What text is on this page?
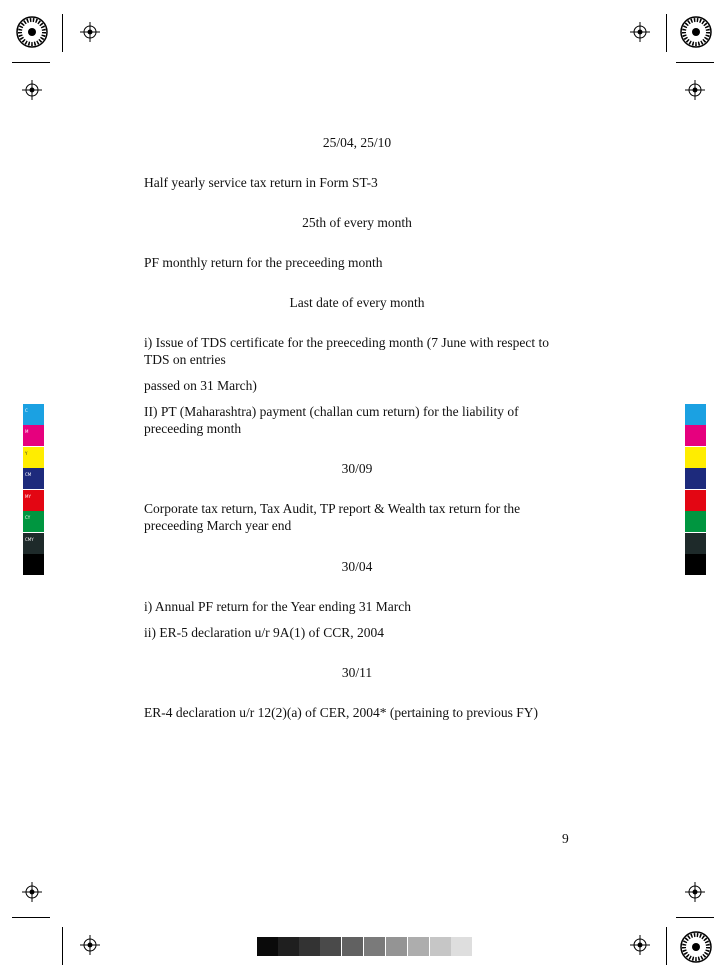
C
M
Y
CM
MY
CY
CMY
K
25/04, 25/10
Half yearly service tax return in Form ST-3
25th of every month
PF monthly return for the preceeding month
Last date of every month
i) Issue of TDS certificate for the preeceding month (7 June with respect to TDS on entries
passed on 31 March)
II) PT (Maharashtra) payment (challan cum return) for the liability of preceeding month
30/09
Corporate tax return, Tax Audit, TP report & Wealth tax return for the preceeding March year end
30/04
i) Annual PF return for the Year ending 31 March
ii) ER-5 declaration u/r 9A(1) of CCR, 2004
30/11
ER-4 declaration u/r 12(2)(a) of CER, 2004* (pertaining to previous FY)
9
